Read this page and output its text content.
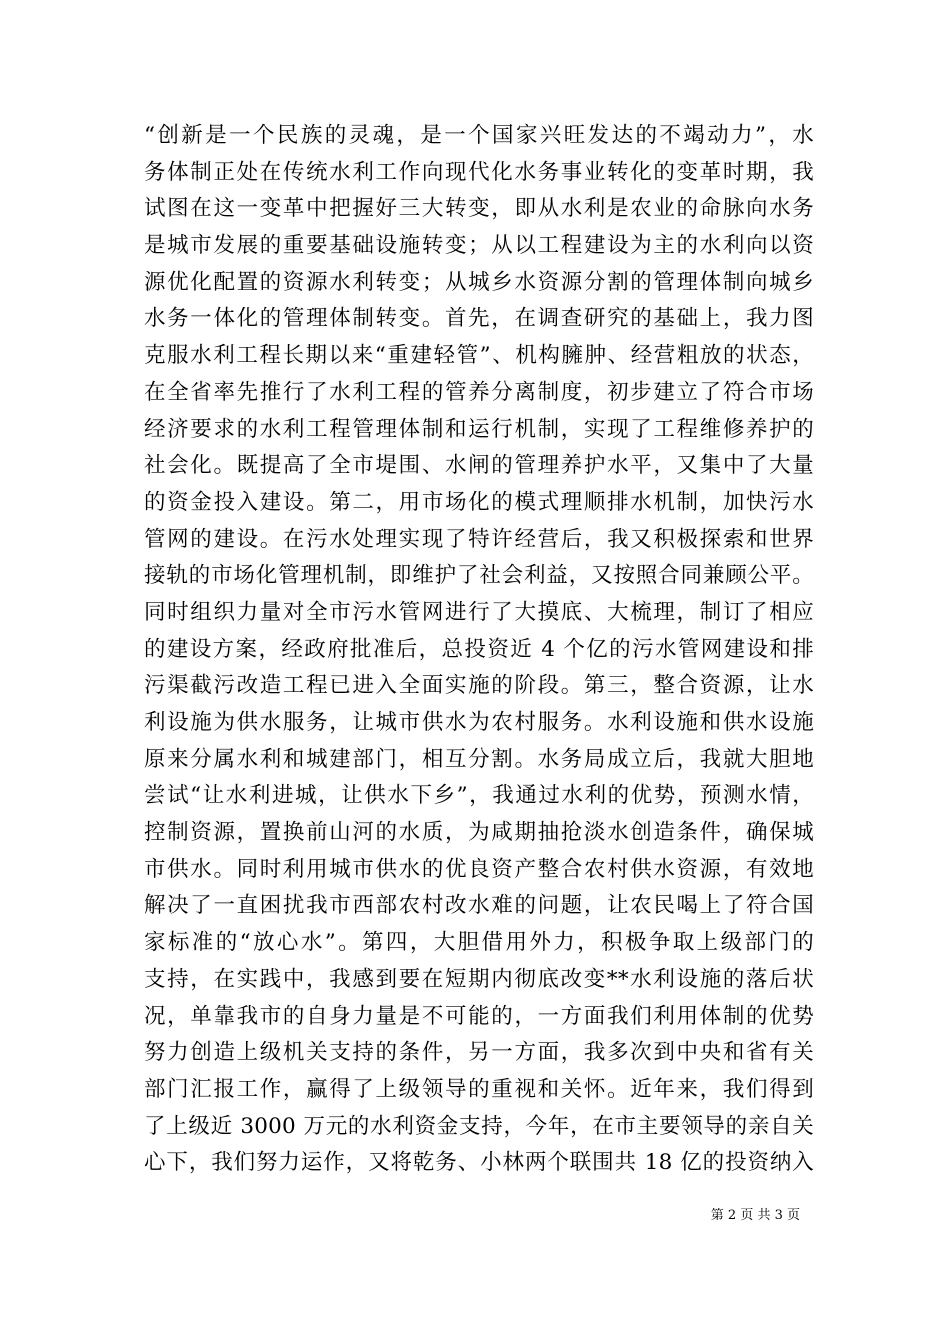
“创新是一个民族的灵魂，是一个国家兴旺发达的不竭动力”，水
务体制正处在传统水利工作向现代化水务事业转化的变革时期，我
试图在这一变革中把握好三大转变，即从水利是农业的命脉向水务
是城市发展的重要基础设施转变；从以工程建设为主的水利向以资
源优化配置的资源水利转变；从城乡水资源分割的管理体制向城乡
水务一体化的管理体制转变。首先，在调查研究的基础上，我力图
克服水利工程长期以来“重建轻管”、机构臃肿、经营粗放的状态，
在全省率先推行了水利工程的管养分离制度，初步建立了符合市场
经济要求的水利工程管理体制和运行机制，实现了工程维修养护的
社会化。既提高了全市堤围、水闸的管理养护水平，又集中了大量
的资金投入建设。第二，用市场化的模式理顺排水机制，加快污水
管网的建设。在污水处理实现了特许经营后，我又积极探索和世界
接轨的市场化管理机制，即维护了社会利益，又按照合同兼顾公平。
同时组织力量对全市污水管网进行了大摸底、大梳理，制订了相应
的建设方案，经政府批准后，总投资近 4 个亿的污水管网建设和排
污渠截污改造工程已进入全面实施的阶段。第三，整合资源，让水
利设施为供水服务，让城市供水为农村服务。水利设施和供水设施
原来分属水利和城建部门，相互分割。水务局成立后，我就大胆地
尝试“让水利进城，让供水下乡”，我通过水利的优势，预测水情，
控制资源，置换前山河的水质，为咸期抽抢淡水创造条件，确保城
市供水。同时利用城市供水的优良资产整合农村供水资源，有效地
解决了一直困扰我市西部农村改水难的问题，让农民喝上了符合国
家标准的“放心水”。第四，大胆借用外力，积极争取上级部门的
支持，在实践中，我感到要在短期内彻底改变**水利设施的落后状
况，单靠我市的自身力量是不可能的，一方面我们利用体制的优势
努力创造上级机关支持的条件，另一方面，我多次到中央和省有关
部门汇报工作，赢得了上级领导的重视和关怀。近年来，我们得到
了上级近 3000 万元的水利资金支持，今年，在市主要领导的亲自关
心下，我们努力运作，又将乾务、小林两个联围共 18 亿的投资纳入
第 2 页 共 3 页
